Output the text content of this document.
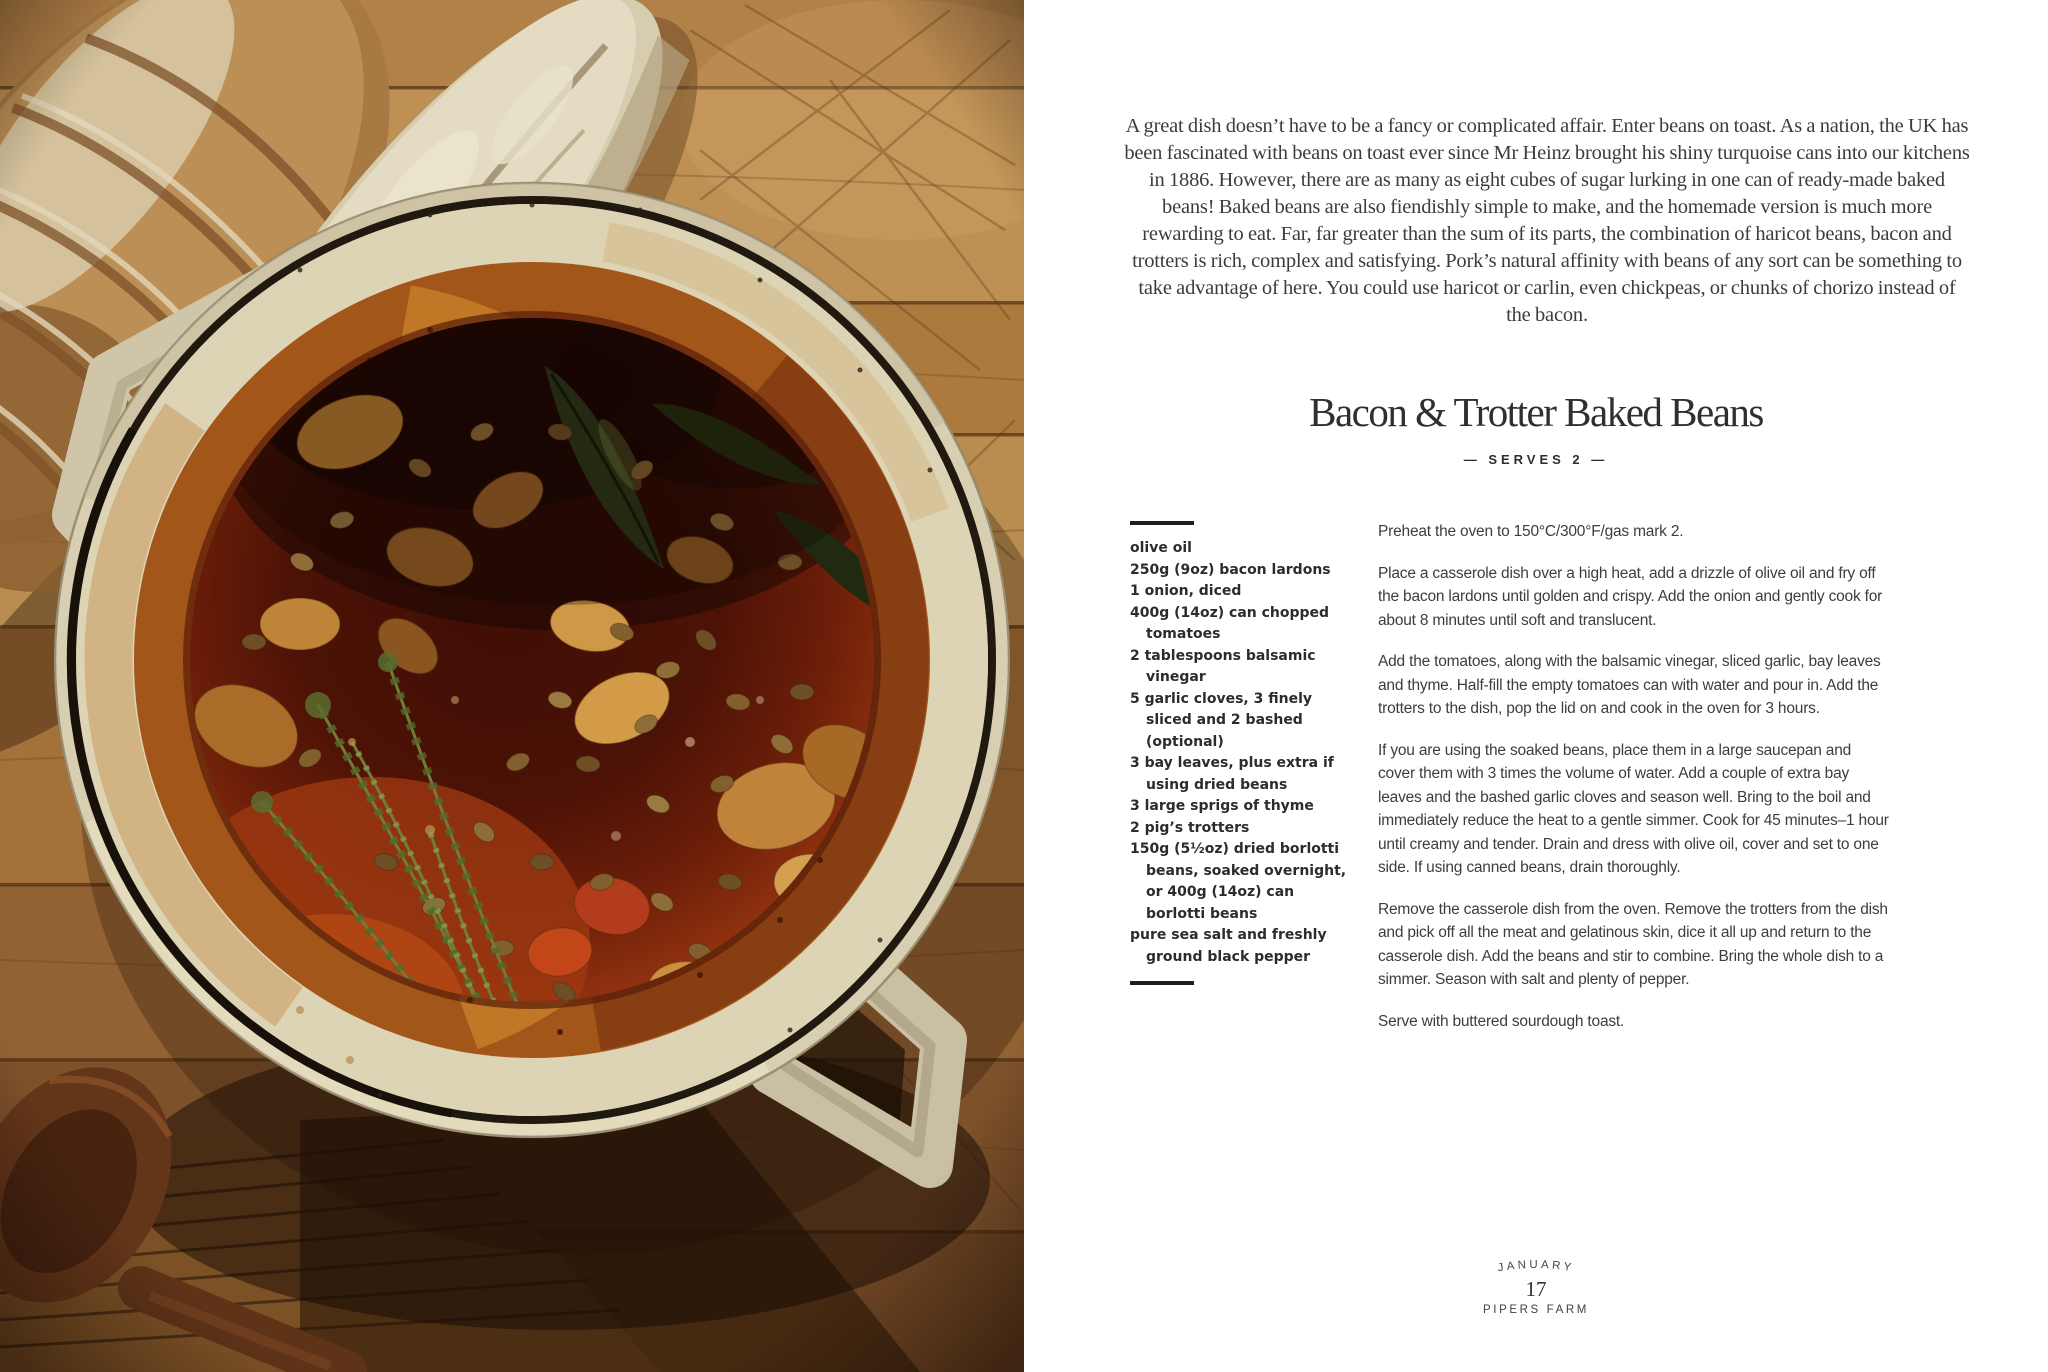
A great dish doesn’t have to be a fancy or complicated affair. Enter beans on toast. As a nation, the UK has been fascinated with beans on toast ever since Mr Heinz brought his shiny turquoise cans into our kitchens in 1886. However, there are as many as eight cubes of sugar lurking in one can of ready-made baked beans! Baked beans are also fiendishly simple to make, and the homemade version is much more rewarding to eat. Far, far greater than the sum of its parts, the combination of haricot beans, bacon and trotters is rich, complex and satisfying. Pork’s natural affinity with beans of any sort can be something to take advantage of here. You could use haricot or carlin, even chickpeas, or chunks of chorizo instead of the bacon.

Bacon & Trotter Baked Beans
— SERVES 2 —
olive oil
250g (9oz) bacon lardons
1 onion, diced
400g (14oz) can chopped tomatoes
2 tablespoons balsamic vinegar
5 garlic cloves, 3 finely sliced and 2 bashed (optional)
3 bay leaves, plus extra if using dried beans
3 large sprigs of thyme
2 pig’s trotters
150g (5½oz) dried borlotti beans, soaked overnight, or 400g (14oz) can borlotti beans
pure sea salt and freshly ground black pepper

Preheat the oven to 150°C/300°F/gas mark 2.

Place a casserole dish over a high heat, add a drizzle of olive oil and fry off the bacon lardons until golden and crispy. Add the onion and gently cook for about 8 minutes until soft and translucent.

Add the tomatoes, along with the balsamic vinegar, sliced garlic, bay leaves and thyme. Half-fill the empty tomatoes can with water and pour in. Add the trotters to the dish, pop the lid on and cook in the oven for 3 hours.

If you are using the soaked beans, place them in a large saucepan and cover them with 3 times the volume of water. Add a couple of extra bay leaves and the bashed garlic cloves and season well. Bring to the boil and immediately reduce the heat to a gentle simmer. Cook for 45 minutes–1 hour until creamy and tender. Drain and dress with olive oil, cover and set to one side. If using canned beans, drain thoroughly.

Remove the casserole dish from the oven. Remove the trotters from the dish and pick off all the meat and gelatinous skin, dice it all up and return to the casserole dish. Add the beans and stir to combine. Bring the whole dish to a simmer. Season with salt and plenty of pepper.

Serve with buttered sourdough toast.

JANUARY
17
PIPERS FARM
